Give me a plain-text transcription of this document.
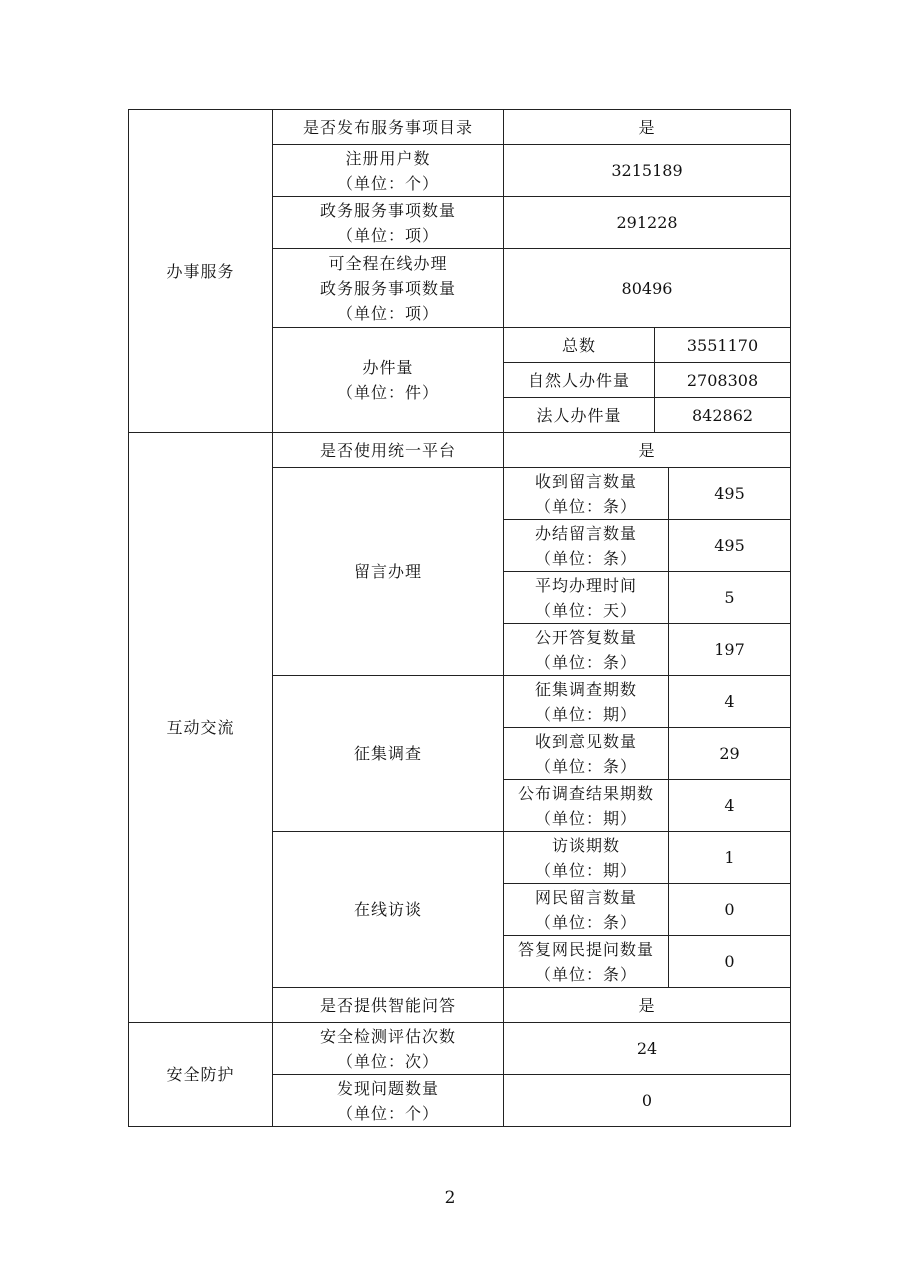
办事服务	是否发布服务事项目录	是		

	注册用户数
（单位：个）	3215189		

	政务服务事项数量
（单位：项）	291228		

	可全程在线办理
政务服务事项数量
（单位：项）	80496		

	办件量
（单位：件）	总数	3551170	
		自然人办件量	2708308	
		法人办件量	842862	
互动交流	是否使用统一平台	是		
	留言办理	收到留言数量
（单位：条）		495

		办结留言数量
（单位：条）		495

		平均办理时间
（单位：天）		5

		公开答复数量
（单位：条）		197
	征集调查	征集调查期数
（单位：期）		4

		收到意见数量
（单位：条）		29

		公布调查结果期数
（单位：期）		4
	在线访谈	访谈期数
（单位：期）		1

		网民留言数量
（单位：条）		0

		答复网民提问数量
（单位：条）		0
	是否提供智能问答	是		
安全防护	安全检测评估次数
（单位：次）	24		

	发现问题数量
（单位：个）	0		
2
